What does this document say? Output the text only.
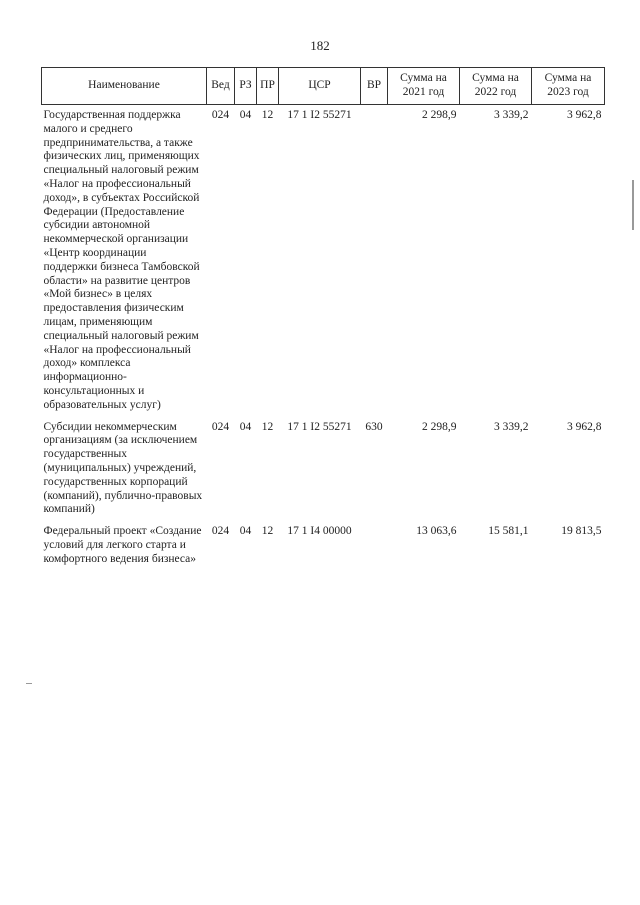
182
Наименование	Вед	РЗ	ПР	ЦСР	ВР	Сумма на 2021 год	Сумма на 2022 год	Сумма на 2023 год
Государственная поддержка малого и среднего предпринимательства, а также физических лиц, применяющих специальный налоговый режим «Налог на профессиональный доход», в субъектах Российской Федерации (Предоставление субсидии автономной некоммерческой организации «Центр координации поддержки бизнеса Тамбовской области» на развитие центров «Мой бизнес» в целях предоставления физическим лицам, применяющим специальный налоговый режим «Налог на профессиональный доход» комплекса информационно-консультационных и образовательных услуг)	024	04	12	17 1 I2 55271		2 298,9	3 339,2	3 962,8
Субсидии некоммерческим организациям (за исключением государственных (муниципальных) учреждений, государственных корпораций (компаний), публично-правовых компаний)	024	04	12	17 1 I2 55271	630	2 298,9	3 339,2	3 962,8
Федеральный проект «Создание условий для легкого старта и комфортного ведения бизнеса»	024	04	12	17 1 I4 00000		13 063,6	15 581,1	19 813,5
